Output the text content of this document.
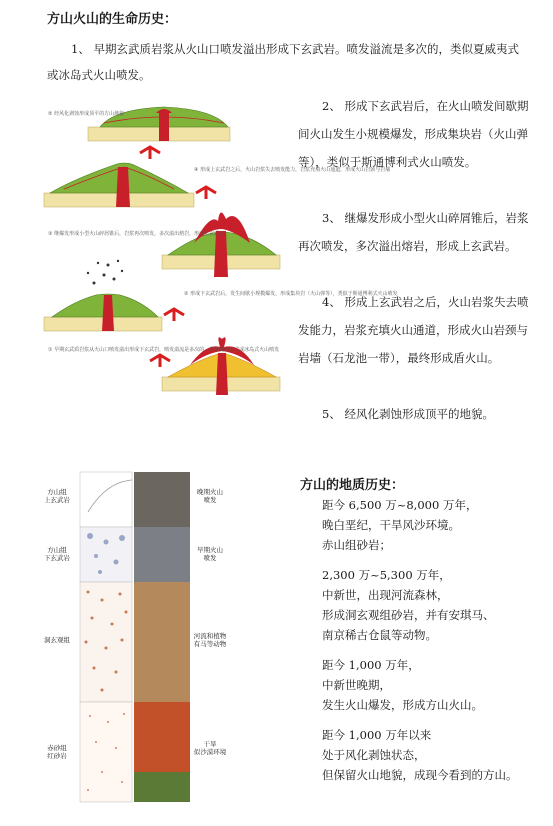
方山火山的生命历史：
1、 早期玄武质岩浆从火山口喷发溢出形成下玄武岩。喷发溢流是多次的，类似夏威夷式或冰岛式火山喷发。
⑤ 经风化剥蚀形成顶平的方山地貌
④ 形成上玄武岩之后，火山岩浆失去喷发能力，岩浆充填火山通道，形成火山岩颈与岩墙
③ 继爆发形成小型火山碎屑锥后，岩浆再次喷发，多次溢出熔岩，形成上玄武岩
② 形成下玄武岩后，发生间歇小规模爆发，形成集块岩（火山弹等），类似于斯通博利式火山喷发
① 早期玄武质岩浆从火山口喷发溢出形成下玄武岩，喷发溢流是多次的，类似夏威夷式或冰岛式火山喷发
2、 形成下玄武岩后，在火山喷发间歇期间火山发生小规模爆发，形成集块岩（火山弹等），类似于斯通博利式火山喷发。
3、 继爆发形成小型火山碎屑锥后，岩浆再次喷发，多次溢出熔岩，形成上玄武岩。
4、 形成上玄武岩之后，火山岩浆失去喷发能力，岩浆充填火山通道，形成火山岩颈与岩墙（石龙池一带），最终形成盾火山。
5、 经风化剥蚀形成顶平的地貌。
方山组
上玄武岩
方山组
下玄武岩
洞玄观组
赤砂组
红砂岩
晚期火山
喷发
早期火山
喷发
河流和植物
有马等动物
干旱
似沙漠环境
方山的地质历史：
距今 6,500 万~8,000 万年，
晚白垩纪，干旱风沙环境。
赤山组砂岩；
2,300 万~5,300 万年，
中新世，出现河流森林，
形成洞玄观组砂岩，并有安琪马、
南京稀古仓鼠等动物。
距今 1,000 万年，
中新世晚期，
发生火山爆发，形成方山火山。
距今 1,000 万年以来
处于风化剥蚀状态，
但保留火山地貌，成现今看到的方山。
